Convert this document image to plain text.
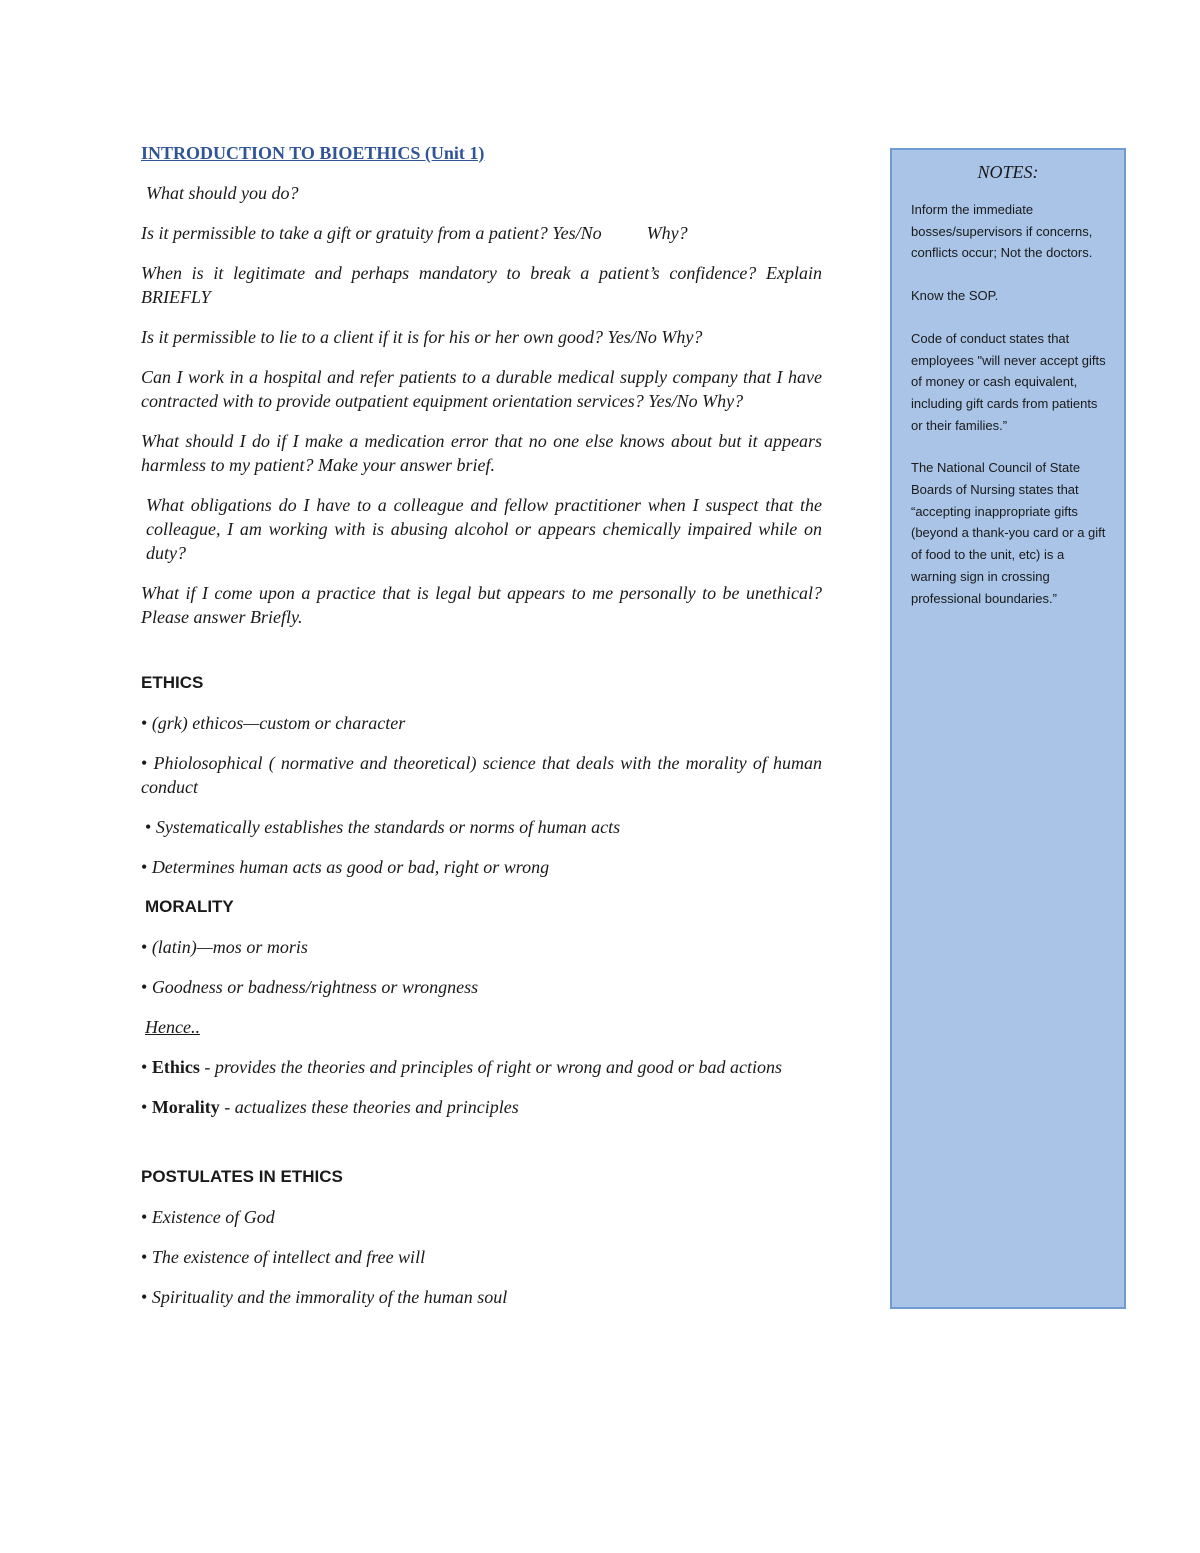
INTRODUCTION TO BIOETHICS (Unit 1)

What should you do?

Is it permissible to take a gift or gratuity from a patient? Yes/No          Why?

When is it legitimate and perhaps mandatory to break a patient’s confidence? Explain BRIEFLY

Is it permissible to lie to a client if it is for his or her own good? Yes/No Why?

Can I work in a hospital and refer patients to a durable medical supply company that I have contracted with to provide outpatient equipment orientation services? Yes/No Why?

What should I do if I make a medication error that no one else knows about but it appears harmless to my patient? Make your answer brief.

What obligations do I have to a colleague and fellow practitioner when I suspect that the colleague, I am working with is abusing alcohol or appears chemically impaired while on duty?

What if I come upon a practice that is legal but appears to me personally to be unethical? Please answer Briefly.

ETHICS

• (grk) ethicos—custom or character

• Phiolosophical ( normative and theoretical) science that deals with the morality of human conduct

• Systematically establishes the standards or norms of human acts

• Determines human acts as good or bad, right or wrong

MORALITY

• (latin)—mos or moris

• Goodness or badness/rightness or wrongness

Hence..

• Ethics - provides the theories and principles of right or wrong and good or bad actions

• Morality - actualizes these theories and principles

POSTULATES IN ETHICS

• Existence of God

• The existence of intellect and free will

• Spirituality and the immorality of the human soul

NOTES:

Inform the immediate bosses/supervisors if concerns, conflicts occur; Not the doctors.

Know the SOP.

Code of conduct states that employees "will never accept gifts of money or cash equivalent, including gift cards from patients or their families.”

The National Council of State Boards of Nursing states that “accepting inappropriate gifts (beyond a thank-you card or a gift of food to the unit, etc) is a warning sign in crossing professional boundaries.”
